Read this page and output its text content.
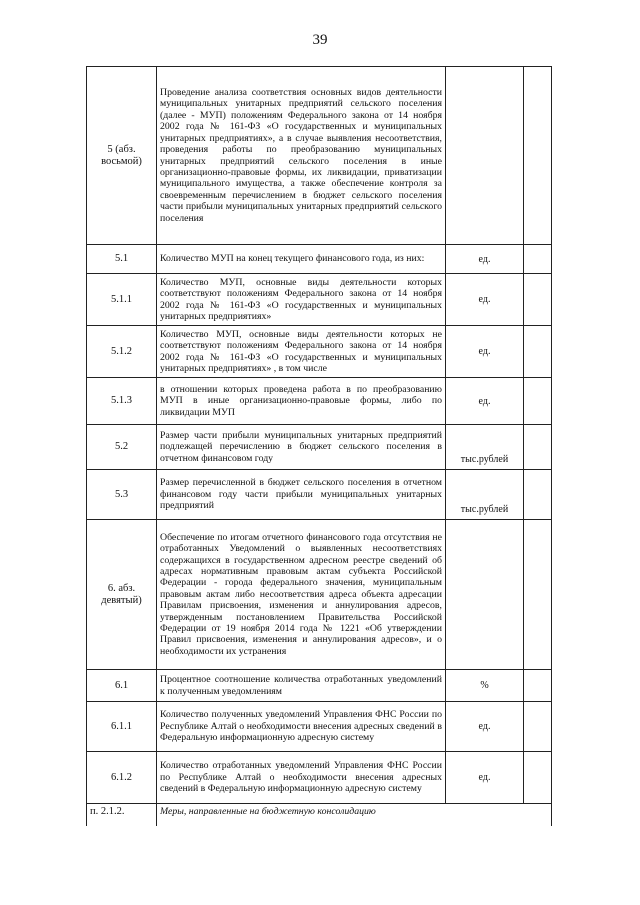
39
5 (абз. восьмой)	Проведение анализа соответствия основных видов деятельности муниципальных унитарных предприятий сельского поселения (далее - МУП) положениям Федерального закона от 14 ноября 2002 года № 161-ФЗ «О государственных и муниципальных унитарных предприятиях», а в случае выявления несоответствия, проведения работы по преобразованию муниципальных унитарных предприятий сельского поселения в иные организационно-правовые формы, их ликвидации, приватизации муниципального имущества, а также обеспечение контроля за своевременным перечислением в бюджет сельского поселения части прибыли муниципальных унитарных предприятий сельского поселения		
5.1	Количество МУП на конец текущего финансового года, из них:	ед.	
5.1.1	Количество МУП, основные виды деятельности которых соответствуют положениям Федерального закона от 14 ноября 2002 года № 161-ФЗ «О государственных и муниципальных унитарных предприятиях»	ед.	
5.1.2	Количество МУП, основные виды деятельности которых не соответствуют положениям Федерального закона от 14 ноября 2002 года № 161-ФЗ «О государственных и муниципальных унитарных предприятиях» , в том числе	ед.	
5.1.3	в отношении которых проведена работа в по преобразованию МУП в иные организационно-правовые формы, либо по ликвидации МУП	ед.	
5.2	Размер части прибыли муниципальных унитарных предприятий подлежащей перечислению в бюджет сельского поселения в отчетном финансовом году	тыс.рублей	
5.3	Размер перечисленной в бюджет сельского поселения в отчетном финансовом году части прибыли муниципальных унитарных предприятий	тыс.рублей	
6. абз. девятый)	Обеспечение по итогам отчетного финансового года отсутствия не отработанных Уведомлений о выявленных несоответствиях содержащихся в государственном адресном реестре сведений об адресах нормативным правовым актам субъекта Российской Федерации - города федерального значения, муниципальным правовым актам либо несоответствия адреса объекта адресации Правилам присвоения, изменения и аннулирования адресов, утвержденным постановлением Правительства Российской Федерации от 19 ноября 2014 года № 1221 «Об утверждении Правил присвоения, изменения и аннулирования адресов», и о необходимости их устранения		
6.1	Процентное соотношение количества отработанных уведомлений к полученным уведомлениям	%	
6.1.1	Количество полученных уведомлений Управления ФНС России по Республике Алтай о необходимости внесения адресных сведений в Федеральную информационную адресную систему	ед.	
6.1.2	Количество отработанных уведомлений Управления ФНС России по Республике Алтай о необходимости внесения адресных сведений в Федеральную информационную адресную систему	ед.	
п. 2.1.2.	Меры, направленные на бюджетную консолидацию		
